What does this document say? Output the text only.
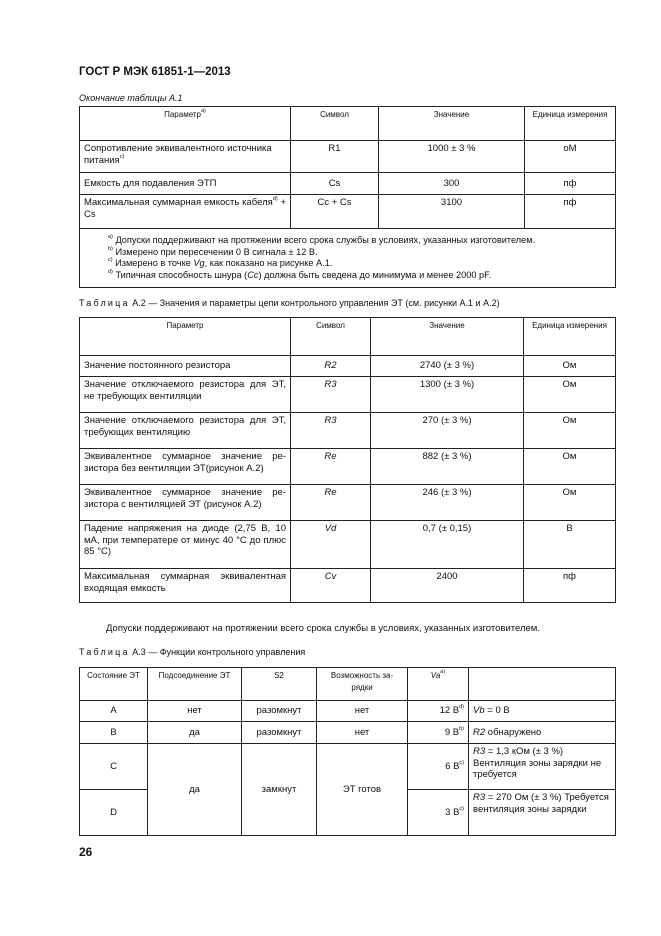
ГОСТ Р МЭК 61851-1—2013
Окончание таблицы А.1
Параметр$^{а)}$	Символ	Значение	Единица измерения
Сопротивление эквивалентного источника питания$^{с)}$	R1	1000 ± 3 %	оМ
Емкость для подавления ЭТП	Cs	300	пф
Максимальная суммарная емкость кабеля$^{d)}$ + Cs	Cc + Cs	3100	пф

$^{а)}$ Допуски поддерживают на протяжении всего срока службы в условиях, указанных изготовителем.
$^{b)}$ Измерено при пересечении 0 В сигнала ± 12 В.
$^{c)}$ Измерено в точке Vg, как показано на рисунке А.1.
$^{d)}$ Типичная способность шнура (Cc) должна быть сведена до минимума и менее 2000 pF.			
Таблица А.2 — Значения и параметры цепи контрольного управления ЭТ (см. рисунки А.1 и А.2)
Параметр	Символ	Значение	Единица измерения
Значение постоянного резистора	R2	2740 (± 3 %)	Ом
Значение отключаемого резистора для ЭТ, не требующих вентиляции	R3	1300 (± 3 %)	Ом
Значение отключаемого резистора для ЭТ, требующих вентиляцию	R3	270 (± 3 %)	Ом
Эквивалентное суммарное значение ре-зистора без вентиляции ЭТ(рисунок А.2)	Re	882 (± 3 %)	Ом
Эквивалентное суммарное значение ре-зистора с вентиляцией ЭТ (рисунок А.2)	Re	246 (± 3 %)	Ом
Падение напряжения на диоде (2,75 В, 10 мА, при температере от минус 40 °С до плюс 85 °С)	Vd	0,7 (± 0,15)	В
Максимальная суммарная эквивалентная входящая емкость	Cv	2400	пф
Допуски поддерживают на протяжении всего срока службы в условиях, указанных изготовителем.
Таблица А.3 — Функции контрольного управления
Состояние ЭТ	Подсоединение ЭТ	S2	Возможность за-рядки	$Va^{а)}$	
A	нет	разомкнут	нет	12 $В^{d)}$	Vb = 0 В
B	да	разомкнут	нет	9 $В^{b)}$	R2 обнаружено
C	да	замкнут	ЭТ готов	6 $В^{c)}$	R3 = 1,3 кОм (± 3 %) Вентиляция зоны зарядки не требуется
D				3 $В^{c)}$	R3 = 270 Ом (± 3 %) Требуется вентиляция зоны зарядки
26
